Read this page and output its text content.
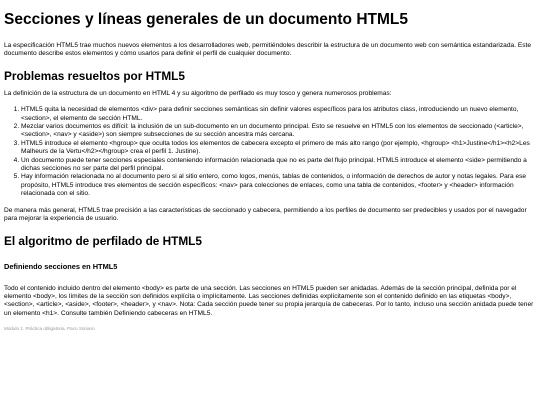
Secciones y líneas generales de un documento HTML5

La especificación HTML5 trae muchos nuevos elementos a los desarrolladores web, permitiéndoles describir la estructura de un documento web con semántica estandarizada. Este documento describe estos elementos y cómo usarlos para definir el perfil de cualquier documento.

Problemas resueltos por HTML5

La definición de la estructura de un documento en HTML 4 y su algoritmo de perfilado es muy tosco y genera numerosos problemas:

1. HTML5 quita la necesidad de elementos <div> para definir secciones semánticas sin definir valores específicos para los atributos class, introduciendo un nuevo elemento, <section>, el elemento de sección HTML.
2. Mezclar varios documentos es difícil: la inclusión de un sub-documento en un documento principal. Esto se resuelve en HTML5 con los elementos de seccionado (<article>, <section>, <nav> y <aside>) son siempre subsecciones de su sección ancestra más cercana.
3. HTML5 introduce el elemento <hgroup> que oculta todos los elementos de cabecera excepto el primero de más alto rango (por ejemplo, <hgroup> <h1>Justine</h1><h2>Les Malheurs de la Vertu</h2></hgroup> crea el perfil 1. Justine).
4. Un documento puede tener secciones especiales conteniendo información relacionada que no es parte del flujo principal. HTML5 introduce el elemento <side> permitiendo a dichas secciones no ser parte del perfil principal.
5. Hay información relacionada no al documento pero si al sitio entero, como logos, menús, tablas de contenidos, o información de derechos de autor y notas legales. Para ese propósito, HTML5 introduce tres elementos de sección específicos: <nav> para colecciones de enlaces, como una tabla de contenidos, <footer> y <header> información relacionada con el sitio.

De manera más general, HTML5 trae precisión a las características de seccionado y cabecera, permitiendo a los perfiles de documento ser predecibles y usados por el navegador para mejorar la experiencia de usuario.

El algoritmo de perfilado de HTML5
Definiendo secciones en HTML5

Todo el contenido incluido dentro del elemento <body> es parte de una sección. Las secciones en HTML5 pueden ser anidadas. Además de la sección principal, definida por el elemento <body>, los límites de la sección son definidos explícita o implícitamente. Las secciones definidas explícitamente son el contenido definido en las etiquetas <body>, <section>, <article>, <aside>, <footer>, <header>, y <nav>. Nota: Cada sección puede tener su propia jerarquía de cabeceras. Por lo tanto, incluso una sección anidada puede tener un elemento <h1>. Consulte también Definiendo cabeceras en HTML5.

Módulo 1. Práctica obligatoria. Paco Soriano
